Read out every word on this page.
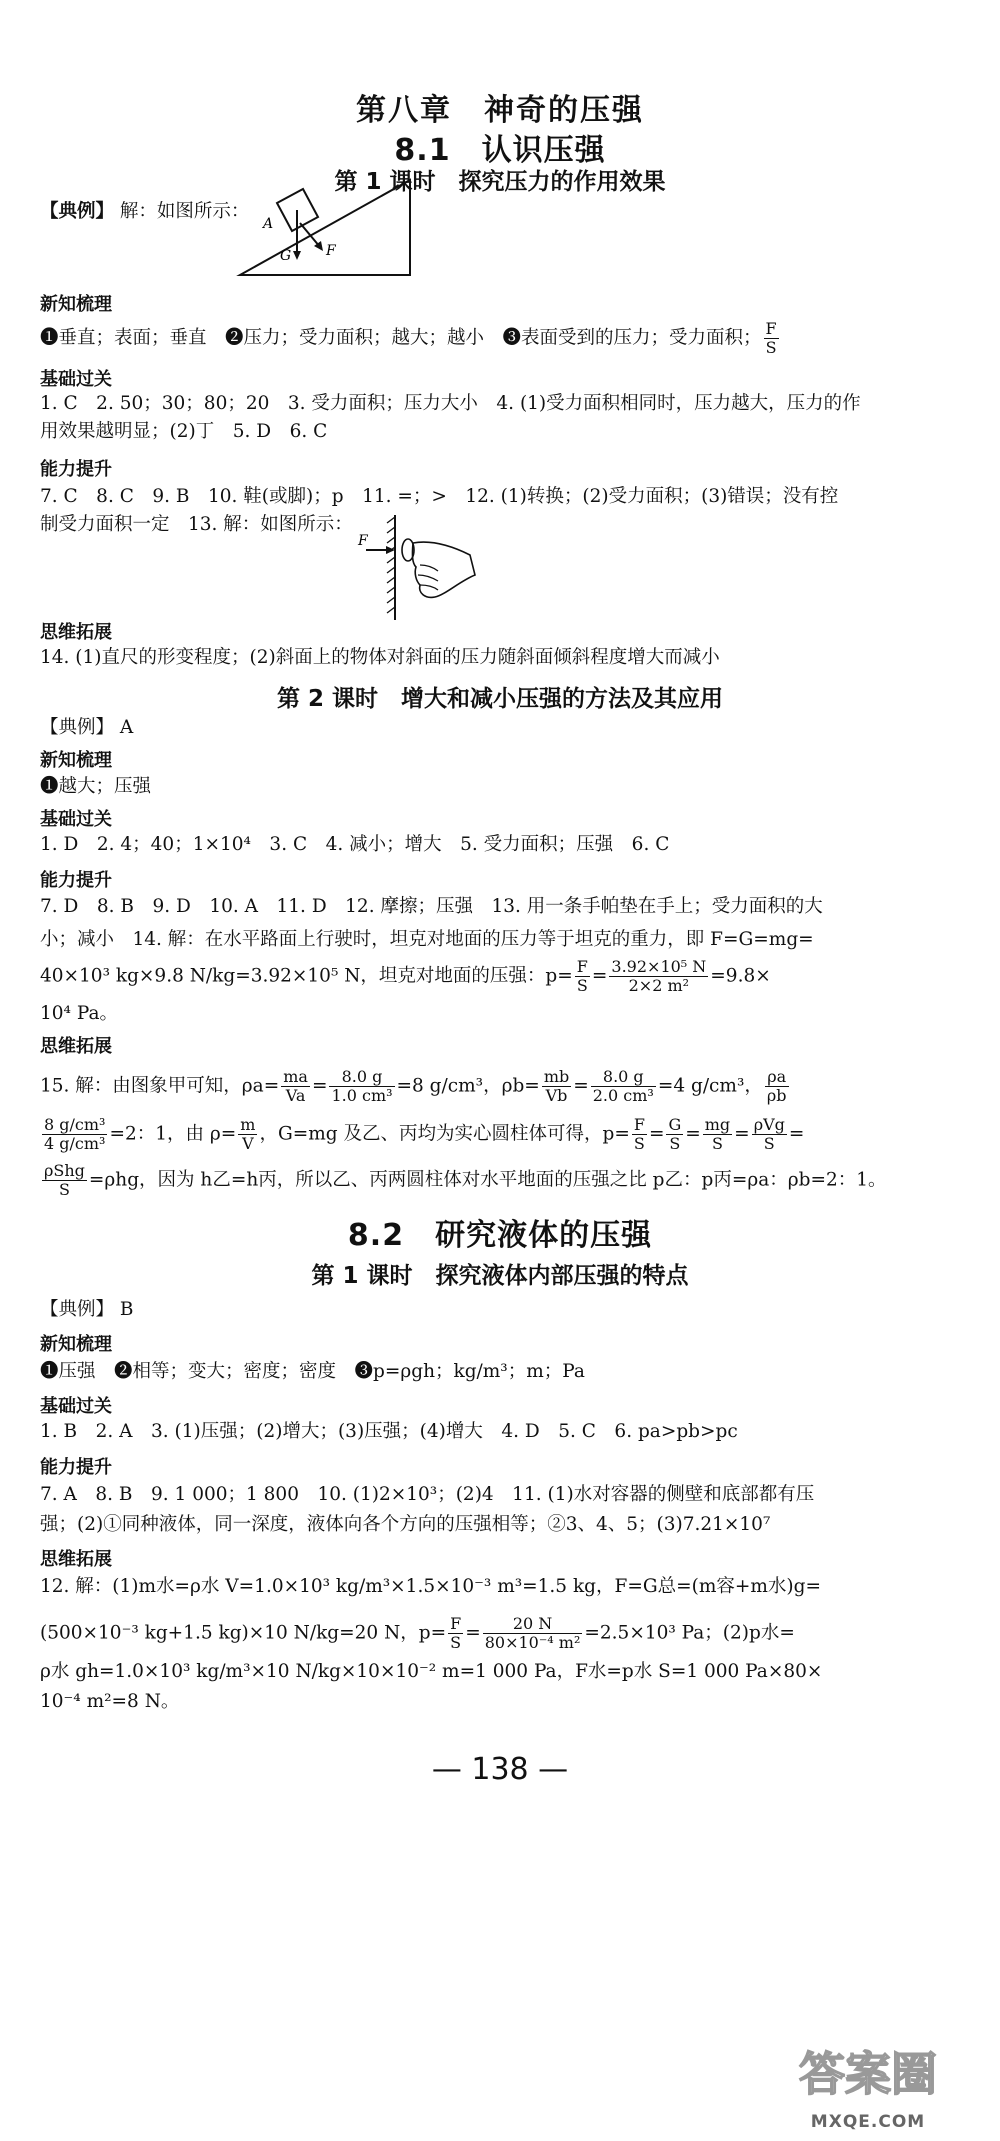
第八章　神奇的压强
8.1　认识压强
第 1 课时　探究压力的作用效果
【典例】 解：如图所示：
A
G F
新知梳理
❶垂直；表面；垂直　❷压力；受力面积；越大；越小　❸表面受到的压力；受力面积； $\frac{F}{S}$
基础过关
1. C　2. 50；30；80；20　3. 受力面积；压力大小　4. (1)受力面积相同时，压力越大，压力的作
用效果越明显；(2)丁　5. D　6. C
能力提升
7. C　8. C　9. B　10. 鞋(或脚)；p　11. =；>　12. (1)转换；(2)受力面积；(3)错误；没有控
制受力面积一定　13. 解：如图所示：
F
思维拓展
14. (1)直尺的形变程度；(2)斜面上的物体对斜面的压力随斜面倾斜程度增大而减小
第 2 课时　增大和减小压强的方法及其应用
【典例】 A
新知梳理
❶越大；压强
基础过关
1. D　2. 4；40；1×10⁴　3. C　4. 减小；增大　5. 受力面积；压强　6. C
能力提升
7. D　8. B　9. D　10. A　11. D　12. 摩擦；压强　13. 用一条手帕垫在手上；受力面积的大
小；减小　14. 解：在水平路面上行驶时，坦克对地面的压力等于坦克的重力，即 F=G=mg=
40×10³ kg×9.8 N/kg=3.92×10⁵ N，坦克对地面的压强：$p= \frac{F}{S} = \frac{\text{3.92×10⁵ N}}{\text{2×2 m²}} =9.8\times$
10⁴ Pa。
思维拓展
15. 解：由图象甲可知，$\rho a= \frac{ma}{Va} = \frac{8.0 g}{\text{1.0 cm³}} =8$ g/cm³，$\rho b= \frac{mb}{Vb} = \frac{8.0 g}{\text{2.0 cm³}} =4$ g/cm³， $\frac{\rho a}{\rho b}$
$\frac{\text{8 g/cm³}}{\text{4 g/cm³}} =2$：1，由 $\rho= \frac{m}{V}$ ，G=mg 及乙、丙均为实心圆柱体可得，$p= \frac{F}{S} = \frac{G}{S} = \frac{mg}{S} = \frac{\text{ρVg}}{S}$ =
$\frac{\text{ρShg}}{S} =\rho hg$，因为 h乙=h丙，所以乙、丙两圆柱体对水平地面的压强之比 p乙：p丙=ρa：ρb=2：1。
8.2　研究液体的压强
第 1 课时　探究液体内部压强的特点
【典例】 B
新知梳理
❶压强　❷相等；变大；密度；密度　❸p=ρgh；kg/m³；m；Pa
基础过关
1. B　2. A　3. (1)压强；(2)增大；(3)压强；(4)增大　4. D　5. C　6. pa>pb>pc
能力提升
7. A　8. B　9. 1 000；1 800　10. (1)2×10³；(2)4　11. (1)水对容器的侧壁和底部都有压
强；(2)①同种液体，同一深度，液体向各个方向的压强相等；②3、4、5；(3)7.21×10⁷
思维拓展
12. 解：(1)m水=ρ水 V=1.0×10³ kg/m³×1.5×10⁻³ m³=1.5 kg，F=G总=(m容+m水)g=
(500×10⁻³ kg+1.5 kg)×10 N/kg=20 N，$p= \frac{F}{S} = \frac{20 N}{\text{80×10⁻⁴ m²}} =2.5\times 10^3$ Pa；(2)p水=
ρ水 gh=1.0×10³ kg/m³×10 N/kg×10×10⁻² m=1 000 Pa，F水=p水 S=1 000 Pa×80×
10⁻⁴ m²=8 N。
— 138 —
答案圈
MXQE.COM
